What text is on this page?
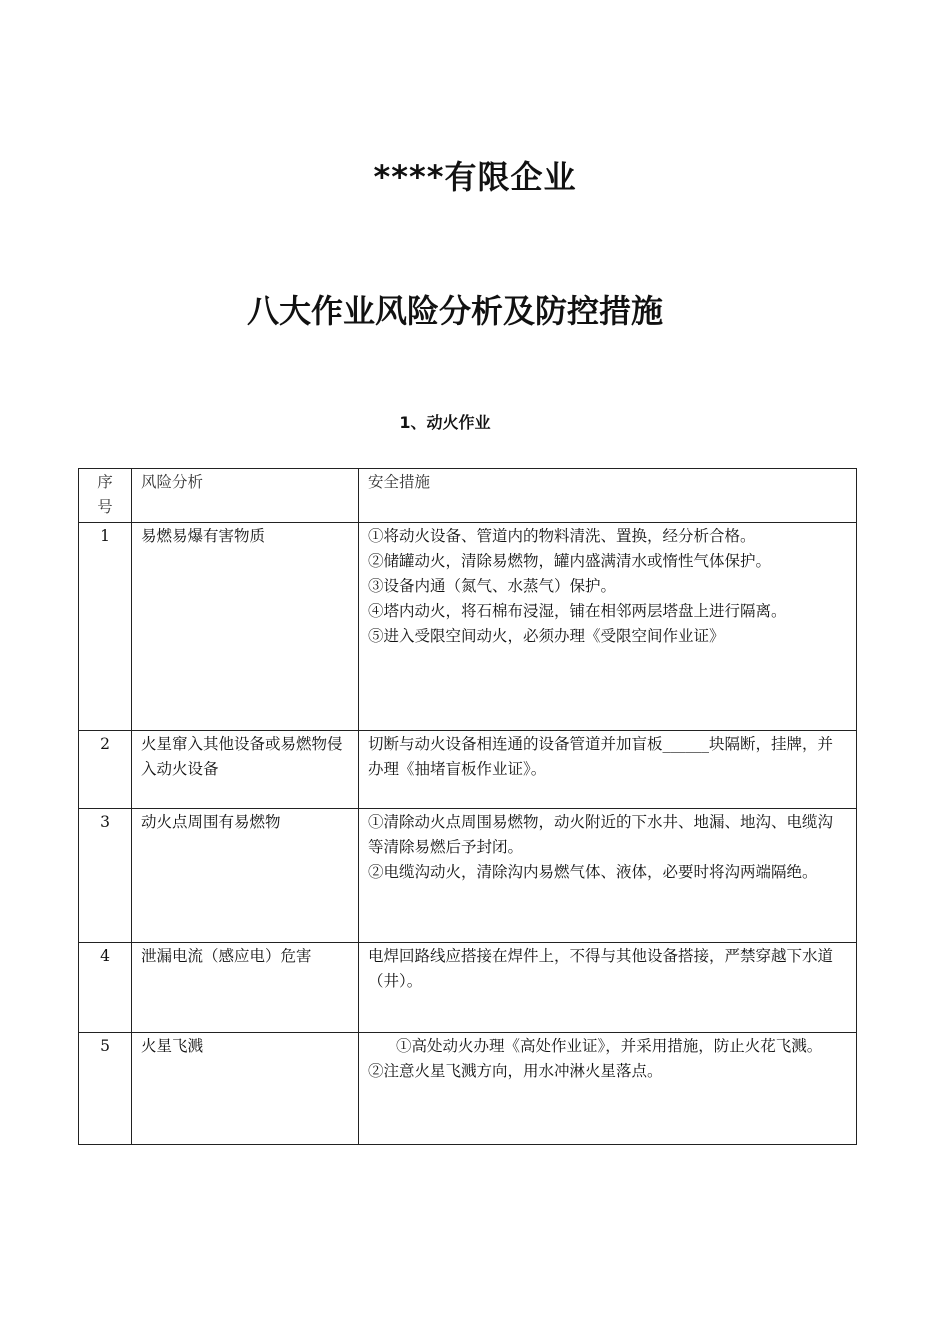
****有限企业
八大作业风险分析及防控措施
1、动火作业
序号	风险分析	安全措施
1	易燃易爆有害物质	①将动火设备、管道内的物料清洗、置换，经分析合格。
②储罐动火，清除易燃物，罐内盛满清水或惰性气体保护。
③设备内通（氮气、水蒸气）保护。
④塔内动火，将石棉布浸湿，铺在相邻两层塔盘上进行隔离。
⑤进入受限空间动火，必须办理《受限空间作业证》

2	火星窜入其他设备或易燃物侵入动火设备	切断与动火设备相连通的设备管道并加盲板______块隔断，挂牌，并办理《抽堵盲板作业证》。

3	动火点周围有易燃物	①清除动火点周围易燃物，动火附近的下水井、地漏、地沟、电缆沟等清除易燃后予封闭。
②电缆沟动火，清除沟内易燃气体、液体，必要时将沟两端隔绝。

4	泄漏电流（感应电）危害	电焊回路线应搭接在焊件上，不得与其他设备搭接，严禁穿越下水道（井）。

5	火星飞溅	①高处动火办理《高处作业证》，并采用措施，防止火花飞溅。
②注意火星飞溅方向，用水冲淋火星落点。
